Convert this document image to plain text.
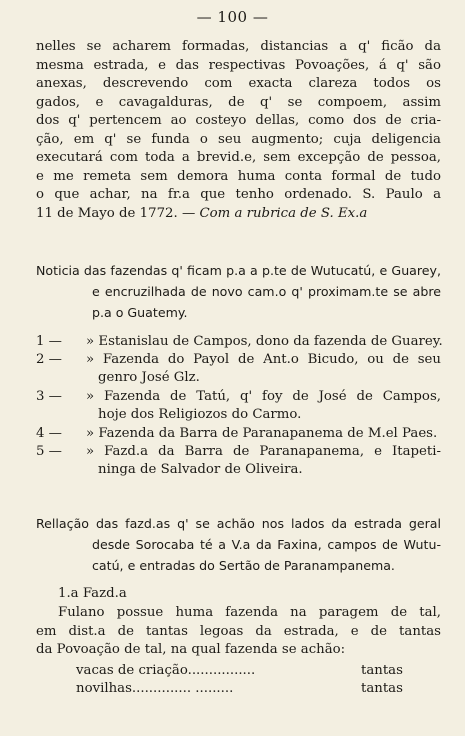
— 100 —
nelles se acharem formadas, distancias a q' ficão da
mesma estrada, e das respectivas Povoações, á q' são
anexas, descrevendo com exacta clareza todos os
gados, e cavagalduras, de q' se compoem, assim
dos q' pertencem ao costeyo dellas, como dos de cria-
ção, em q' se funda o seu augmento; cuja deligencia
executará com toda a brevid.e, sem excepção de pessoa,
e me remeta sem demora huma conta formal de tudo
o que achar, na fr.a que tenho ordenado. S. Paulo a
11 de Mayo de 1772. — Com a rubrica de S. Ex.a
Noticia das fazendas q' ficam p.a a p.te de Wutucatú, e Guarey,
e encruzilhada de novo cam.o q' proximam.te se abre
p.a o Guatemy.
1 — » Estanislau de Campos, dono da fazenda de Guarey.
2 — » Fazenda do Payol de Ant.o Bicudo, ou de seu
genro José Glz.
3 — » Fazenda de Tatú, q' foy de José de Campos,
hoje dos Religiozos do Carmo.
4 — » Fazenda da Barra de Paranapanema de M.el Paes.
5 — » Fazd.a da Barra de Paranapanema, e Itapeti-
ninga de Salvador de Oliveira.
Rellação das fazd.as q' se achão nos lados da estrada geral
desde Sorocaba té a V.a da Faxina, campos de Wutu-
catú, e entradas do Sertão de Paranampanema.
1.a Fazd.a
Fulano possue huma fazenda na paragem de tal,
em dist.a de tantas legoas da estrada, e de tantas
da Povoação de tal, na qual fazenda se achão:
vacas de criação................	tantas
novilhas.............. .........	tantas
